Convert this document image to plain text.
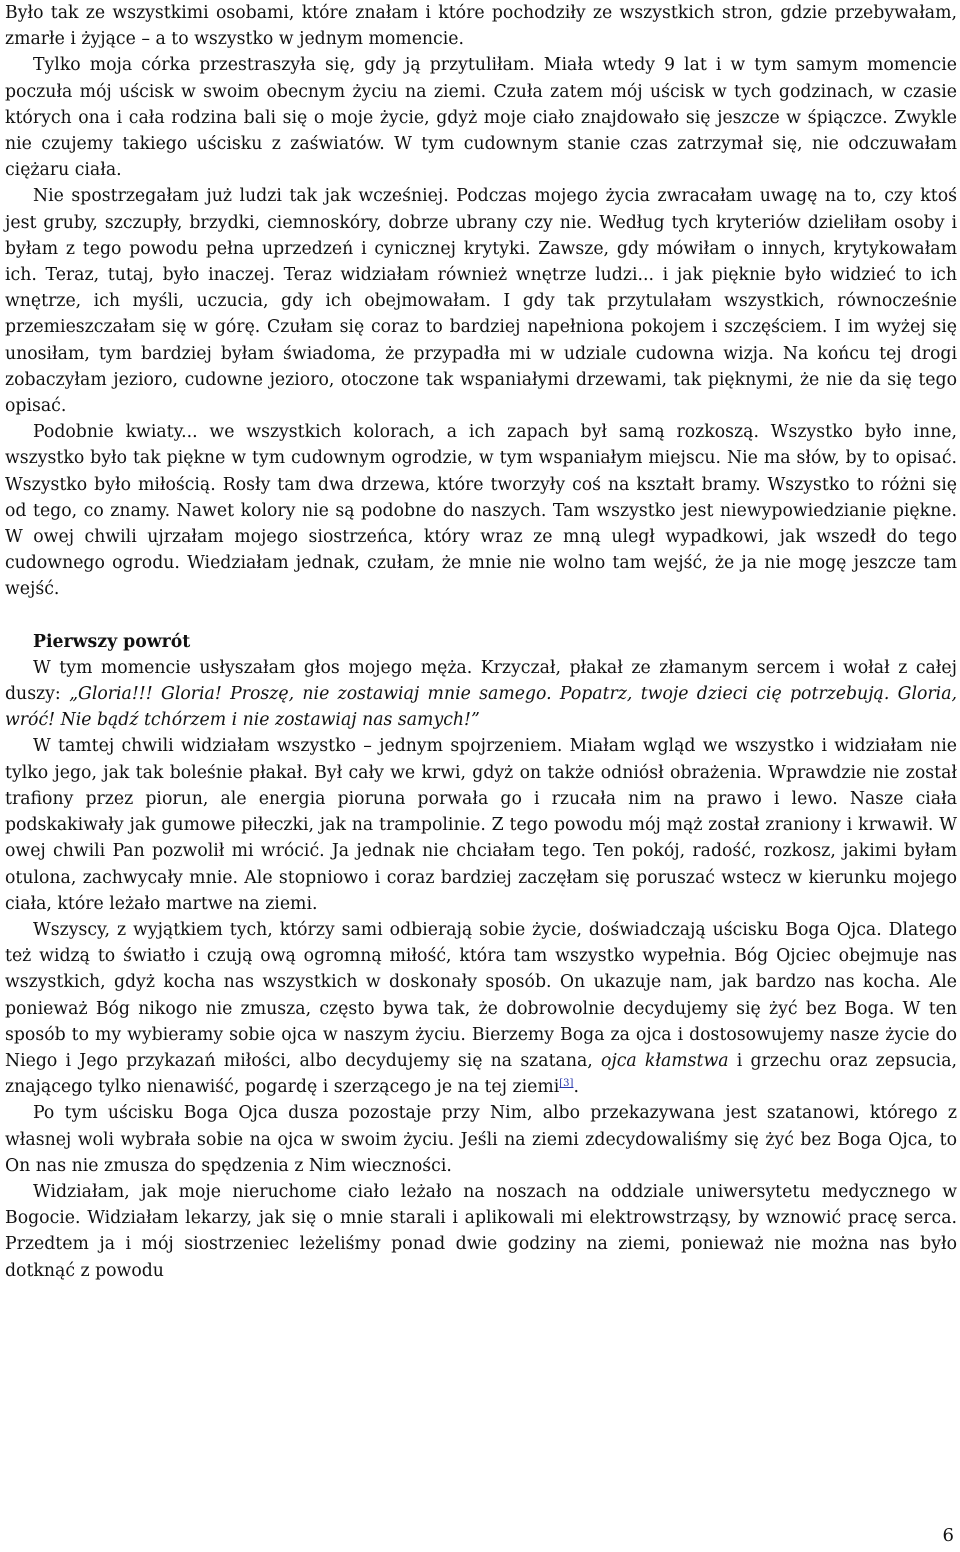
Było tak ze wszystkimi osobami, które znałam i które pochodziły ze wszystkich stron, gdzie przebywałam, zmarłe i żyjące – a to wszystko w jednym momencie.

Tylko moja córka przestraszyła się, gdy ją przytuliłam. Miała wtedy 9 lat i w tym samym momencie poczuła mój uścisk w swoim obecnym życiu na ziemi. Czuła zatem mój uścisk w tych godzinach, w czasie których ona i cała rodzina bali się o moje życie, gdyż moje ciało znajdowało się jeszcze w śpiączce. Zwykle nie czujemy takiego uścisku z zaświatów. W tym cudownym stanie czas zatrzymał się, nie odczuwałam ciężaru ciała.

Nie spostrzegałam już ludzi tak jak wcześniej. Podczas mojego życia zwracałam uwagę na to, czy ktoś jest gruby, szczupły, brzydki, ciemnoskóry, dobrze ubrany czy nie. Według tych kryteriów dzieliłam osoby i byłam z tego powodu pełna uprzedzeń i cynicznej krytyki. Zawsze, gdy mówiłam o innych, krytykowałam ich. Teraz, tutaj, było inaczej. Teraz widziałam również wnętrze ludzi... i jak pięknie było widzieć to ich wnętrze, ich myśli, uczucia, gdy ich obejmowałam. I gdy tak przytulałam wszystkich, równocześnie przemieszczałam się w górę. Czułam się coraz to bardziej napełniona pokojem i szczęściem. I im wyżej się unosiłam, tym bardziej byłam świadoma, że przypadła mi w udziale cudowna wizja. Na końcu tej drogi zobaczyłam jezioro, cudowne jezioro, otoczone tak wspaniałymi drzewami, tak pięknymi, że nie da się tego opisać.

Podobnie kwiaty... we wszystkich kolorach, a ich zapach był samą rozkoszą. Wszystko było inne, wszystko było tak piękne w tym cudownym ogrodzie, w tym wspaniałym miejscu. Nie ma słów, by to opisać. Wszystko było miłością. Rosły tam dwa drzewa, które tworzyły coś na kształt bramy. Wszystko to różni się od tego, co znamy. Nawet kolory nie są podobne do naszych. Tam wszystko jest niewypowiedzianie piękne. W owej chwili ujrzałam mojego siostrzeńca, który wraz ze mną uległ wypadkowi, jak wszedł do tego cudownego ogrodu. Wiedziałam jednak, czułam, że mnie nie wolno tam wejść, że ja nie mogę jeszcze tam wejść.

Pierwszy powrót

W tym momencie usłyszałam głos mojego męża. Krzyczał, płakał ze złamanym sercem i wołał z całej duszy: „Gloria!!! Gloria! Proszę, nie zostawiaj mnie samego. Popatrz, twoje dzieci cię potrzebują. Gloria, wróć! Nie bądź tchórzem i nie zostawiaj nas samych!”

W tamtej chwili widziałam wszystko – jednym spojrzeniem. Miałam wgląd we wszystko i widziałam nie tylko jego, jak tak boleśnie płakał. Był cały we krwi, gdyż on także odniósł obrażenia. Wprawdzie nie został trafiony przez piorun, ale energia pioruna porwała go i rzucała nim na prawo i lewo. Nasze ciała podskakiwały jak gumowe piłeczki, jak na trampolinie. Z tego powodu mój mąż został zraniony i krwawił. W owej chwili Pan pozwolił mi wrócić. Ja jednak nie chciałam tego. Ten pokój, radość, rozkosz, jakimi byłam otulona, zachwycały mnie. Ale stopniowo i coraz bardziej zaczęłam się poruszać wstecz w kierunku mojego ciała, które leżało martwe na ziemi.

Wszyscy, z wyjątkiem tych, którzy sami odbierają sobie życie, doświadczają uścisku Boga Ojca. Dlatego też widzą to światło i czują ową ogromną miłość, która tam wszystko wypełnia. Bóg Ojciec obejmuje nas wszystkich, gdyż kocha nas wszystkich w doskonały sposób. On ukazuje nam, jak bardzo nas kocha. Ale ponieważ Bóg nikogo nie zmusza, często bywa tak, że dobrowolnie decydujemy się żyć bez Boga. W ten sposób to my wybieramy sobie ojca w naszym życiu. Bierzemy Boga za ojca i dostosowujemy nasze życie do Niego i Jego przykazań miłości, albo decydujemy się na szatana, ojca kłamstwa i grzechu oraz zepsucia, znającego tylko nienawiść, pogardę i szerzącego je na tej ziemi[3].

Po tym uścisku Boga Ojca dusza pozostaje przy Nim, albo przekazywana jest szatanowi, którego z własnej woli wybrała sobie na ojca w swoim życiu. Jeśli na ziemi zdecydowaliśmy się żyć bez Boga Ojca, to On nas nie zmusza do spędzenia z Nim wieczności.

Widziałam, jak moje nieruchome ciało leżało na noszach na oddziale uniwersytetu medycznego w Bogocie. Widziałam lekarzy, jak się o mnie starali i aplikowali mi elektrowstrząsy, by wznowić pracę serca. Przedtem ja i mój siostrzeniec leżeliśmy ponad dwie godziny na ziemi, ponieważ nie można nas było dotknąć z powodu

6
